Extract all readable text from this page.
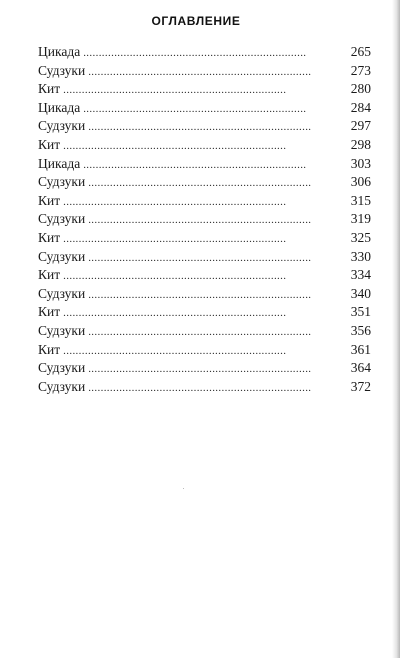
ОГЛАВЛЕНИЕ
Цикада . . .	265
Судзуки . . .	273
Кит . . .	280
Цикада . . .	284
Судзуки . . .	297
Кит . . .	298
Цикада . . .	303
Судзуки . . .	306
Кит . . .	315
Судзуки . . .	319
Кит . . .	325
Судзуки . . .	330
Кит . . .	334
Судзуки . . .	340
Кит . . .	351
Судзуки . . .	356
Кит . . .	361
Судзуки . . .	364
Судзуки . . .	372
